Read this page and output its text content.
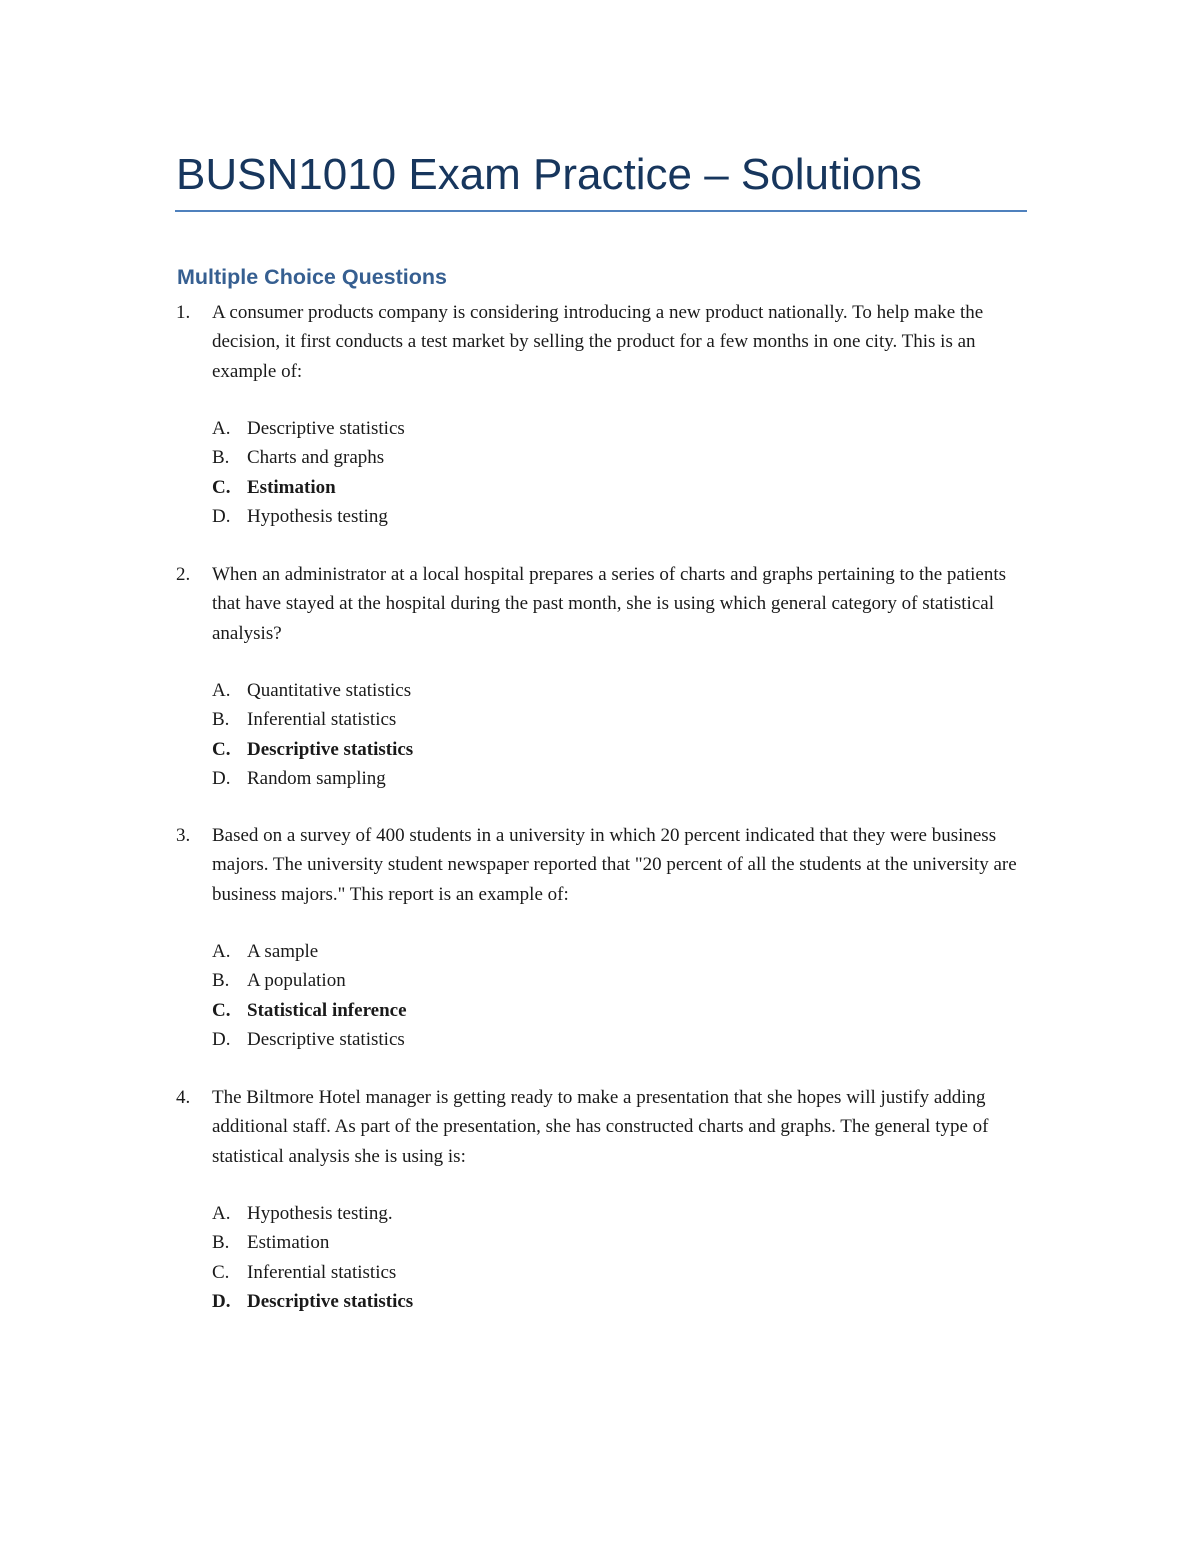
BUSN1010 Exam Practice – Solutions
Multiple Choice Questions
1. A consumer products company is considering introducing a new product nationally. To help make the decision, it first conducts a test market by selling the product for a few months in one city. This is an example of:

A. Descriptive statistics
B. Charts and graphs
C. Estimation
D. Hypothesis testing
2. When an administrator at a local hospital prepares a series of charts and graphs pertaining to the patients that have stayed at the hospital during the past month, she is using which general category of statistical analysis?

A. Quantitative statistics
B. Inferential statistics
C. Descriptive statistics
D. Random sampling
3. Based on a survey of 400 students in a university in which 20 percent indicated that they were business majors. The university student newspaper reported that "20 percent of all the students at the university are business majors." This report is an example of:

A. A sample
B. A population
C. Statistical inference
D. Descriptive statistics
4. The Biltmore Hotel manager is getting ready to make a presentation that she hopes will justify adding additional staff. As part of the presentation, she has constructed charts and graphs. The general type of statistical analysis she is using is:

A. Hypothesis testing.
B. Estimation
C. Inferential statistics
D. Descriptive statistics
